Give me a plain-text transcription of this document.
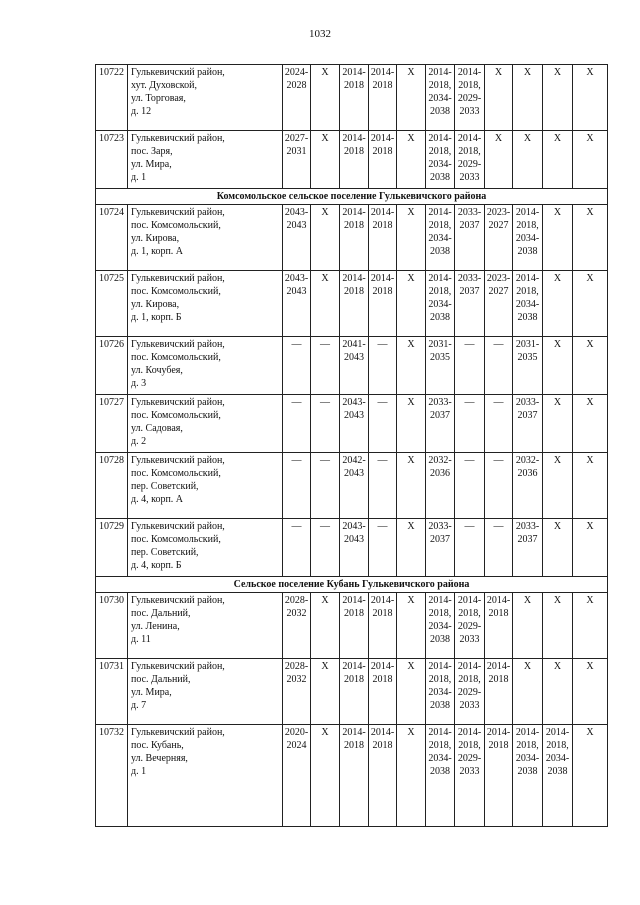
1032
10722	Гулькевичский район,
хут. Духовской,
ул. Торговая,
д. 12	2024-
2028	X	2014-
2018	2014-
2018	X	2014-
2018,
2034-
2038	2014-
2018,
2029-
2033	X	X	X	X

10723	Гулькевичский район,
пос. Заря,
ул. Мира,
д. 1	2027-
2031	X	2014-
2018	2014-
2018	X	2014-
2018,
2034-
2038	2014-
2018,
2029-
2033	X	X	X	X

Комсомольское сельское поселение Гулькевичского района												
10724	Гулькевичский район,
пос. Комсомольский,
ул. Кирова,
д. 1, корп. А	2043-
2043	X	2014-
2018	2014-
2018	X	2014-
2018,
2034-
2038	2033-
2037	2023-
2027	2014-
2018,
2034-
2038	X	X

10725	Гулькевичский район,
пос. Комсомольский,
ул. Кирова,
д. 1, корп. Б	2043-
2043	X	2014-
2018	2014-
2018	X	2014-
2018,
2034-
2038	2033-
2037	2023-
2027	2014-
2018,
2034-
2038	X	X

10726	Гулькевичский район,
пос. Комсомольский,
ул. Кочубея,
д. 3	—	—	2041-
2043	—	X	2031-
2035	—	—	2031-
2035	X	X

10727	Гулькевичский район,
пос. Комсомольский,
ул. Садовая,
д. 2	—	—	2043-
2043	—	X	2033-
2037	—	—	2033-
2037	X	X

10728	Гулькевичский район,
пос. Комсомольский,
пер. Советский,
д. 4, корп. А	—	—	2042-
2043	—	X	2032-
2036	—	—	2032-
2036	X	X

10729	Гулькевичский район,
пос. Комсомольский,
пер. Советский,
д. 4, корп. Б	—	—	2043-
2043	—	X	2033-
2037	—	—	2033-
2037	X	X

Сельское поселение Кубань Гулькевичского района												
10730	Гулькевичский район,
пос. Дальний,
ул. Ленина,
д. 11	2028-
2032	X	2014-
2018	2014-
2018	X	2014-
2018,
2034-
2038	2014-
2018,
2029-
2033	2014-
2018	X	X	X

10731	Гулькевичский район,
пос. Дальний,
ул. Мира,
д. 7	2028-
2032	X	2014-
2018	2014-
2018	X	2014-
2018,
2034-
2038	2014-
2018,
2029-
2033	2014-
2018	X	X	X

10732	Гулькевичский район,
пос. Кубань,
ул. Вечерняя,
д. 1	2020-
2024	X	2014-
2018	2014-
2018	X	2014-
2018,
2034-
2038	2014-
2018,
2029-
2033	2014-
2018	2014-
2018,
2034-
2038	2014-
2018,
2034-
2038	X
